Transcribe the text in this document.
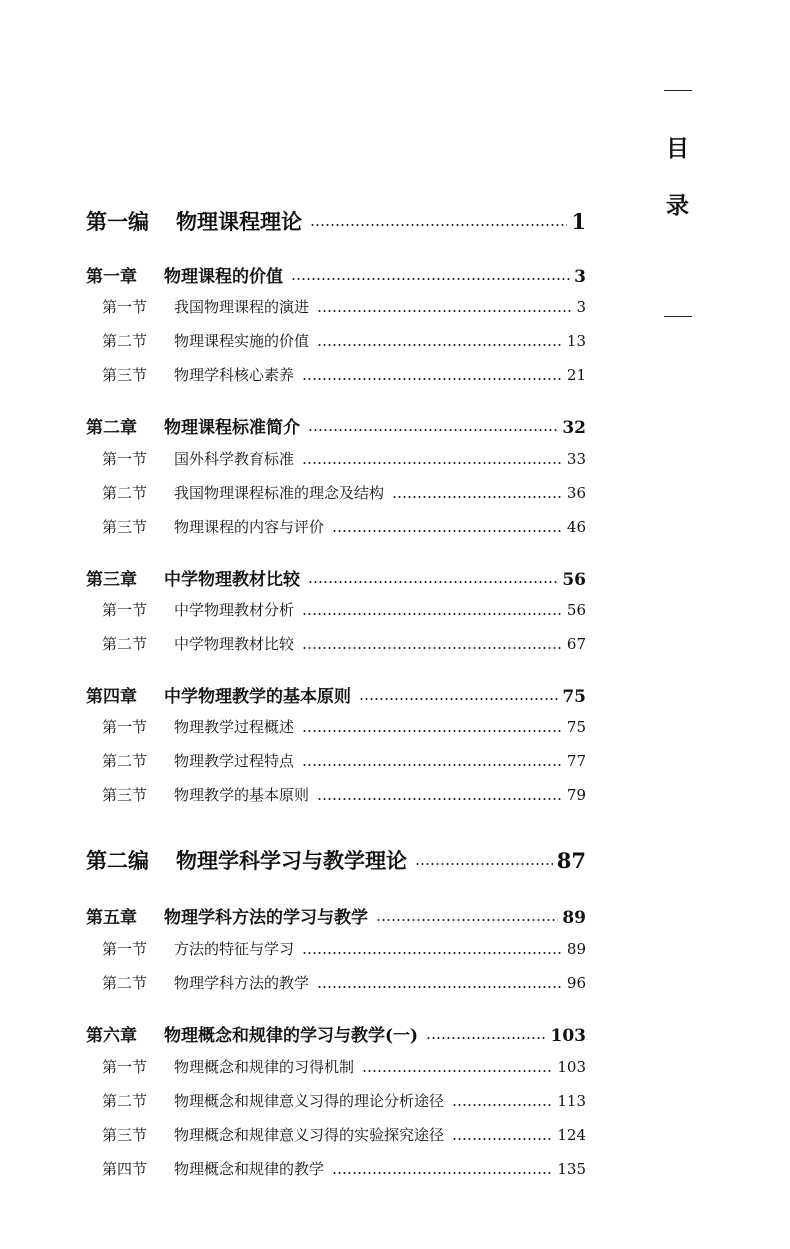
目
录
第一编	物理课程理论	1
第一章	物理课程的价值	3
第一节	我国物理课程的演进	3
第二节	物理课程实施的价值	13
第三节	物理学科核心素养	21
第二章	物理课程标准简介	32
第一节	国外科学教育标准	33
第二节	我国物理课程标准的理念及结构	36
第三节	物理课程的内容与评价	46
第三章	中学物理教材比较	56
第一节	中学物理教材分析	56
第二节	中学物理教材比较	67
第四章	中学物理教学的基本原则	75
第一节	物理教学过程概述	75
第二节	物理教学过程特点	77
第三节	物理教学的基本原则	79
第二编	物理学科学习与教学理论	87
第五章	物理学科方法的学习与教学	89
第一节	方法的特征与学习	89
第二节	物理学科方法的教学	96
第六章	物理概念和规律的学习与教学(一)	103
第一节	物理概念和规律的习得机制	103
第二节	物理概念和规律意义习得的理论分析途径	113
第三节	物理概念和规律意义习得的实验探究途径	124
第四节	物理概念和规律的教学	135
